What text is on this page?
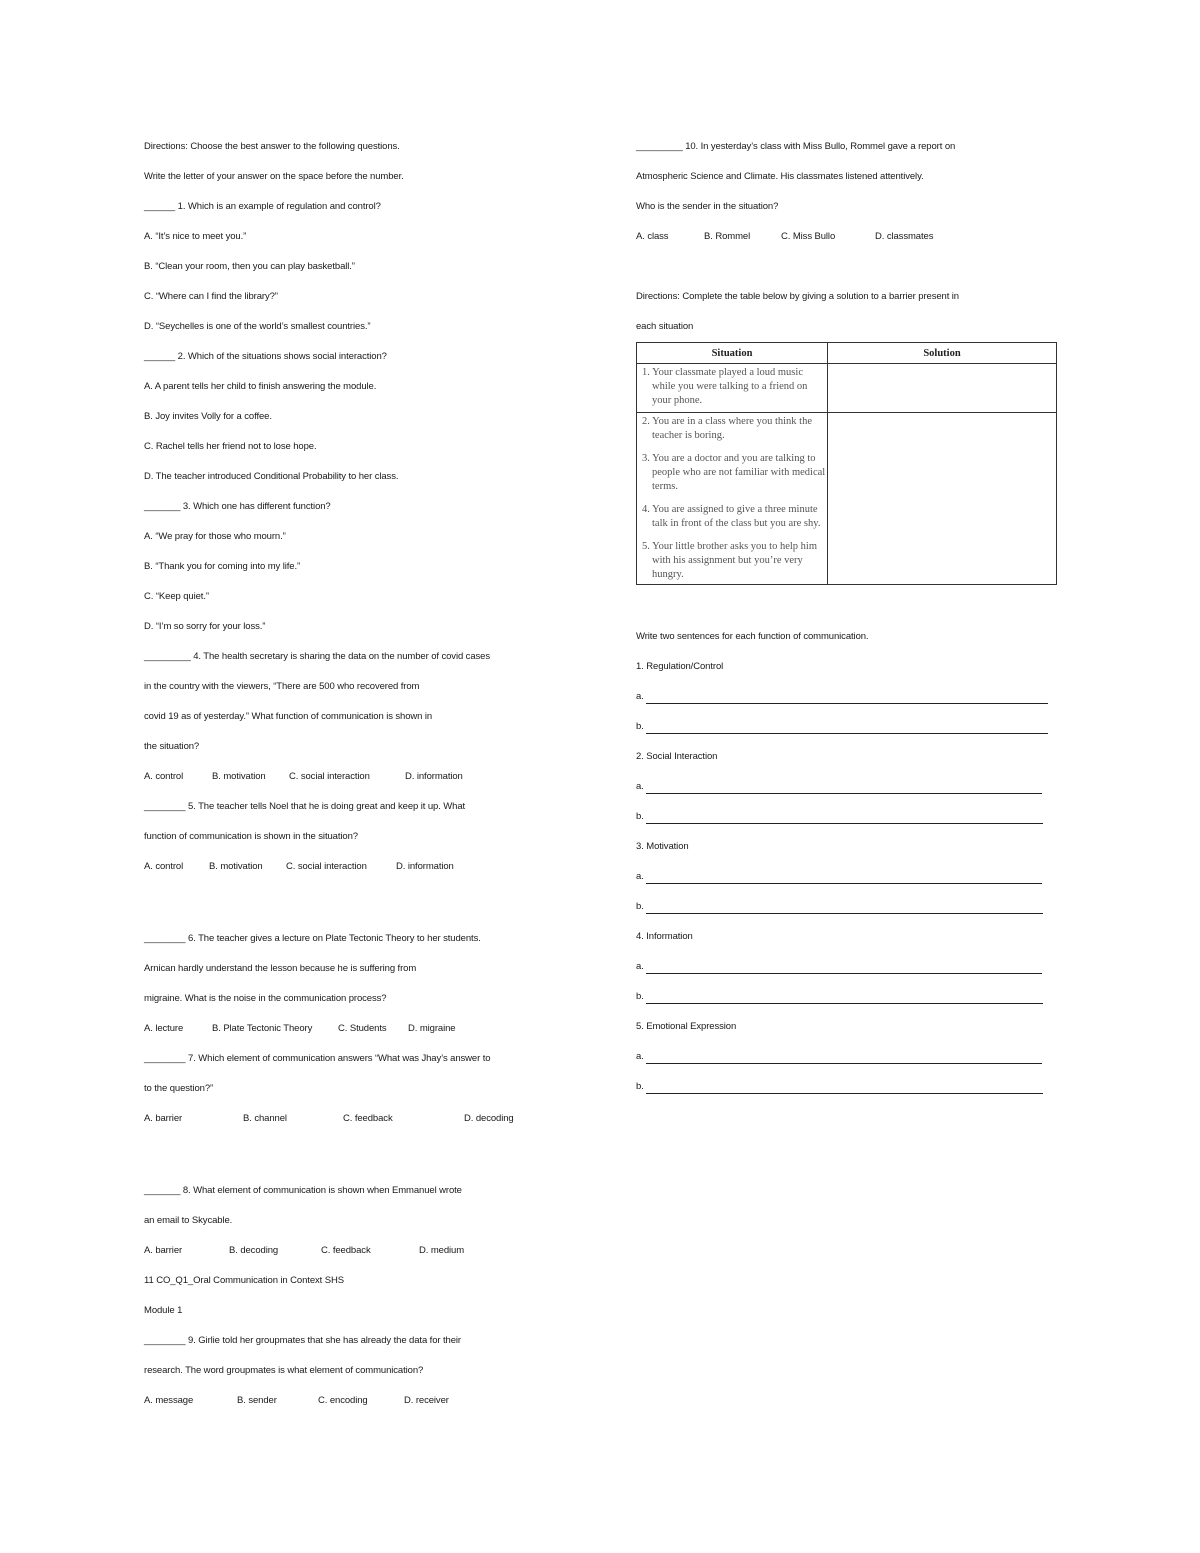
Directions: Choose the best answer to the following questions.

Write the letter of your answer on the space before the number.

______ 1. Which is an example of regulation and control?

A. “It’s nice to meet you.”

B. “Clean your room, then you can play basketball.”

C. “Where can I find the library?”

D. “Seychelles is one of the world’s smallest countries.”

______ 2. Which of the situations shows social interaction?

A. A parent tells her child to finish answering the module.

B. Joy invites Volly for a coffee.

C. Rachel tells her friend not to lose hope.

D. The teacher introduced Conditional Probability to her class.

_______ 3. Which one has different function?

A. “We pray for those who mourn.”

B. “Thank you for coming into my life.”

C. “Keep quiet.”

D. “I’m so sorry for your loss.”

_________ 4. The health secretary is sharing the data on the number of covid cases

in the country with the viewers, “There are 500 who recovered from

covid 19 as of yesterday.” What function of communication is shown in

the situation?

A. control	B. motivation	C. social interaction	D. information

________ 5. The teacher tells Noel that he is doing great and keep it up. What

function of communication is shown in the situation?

A. control	B. motivation	C. social interaction	D. information

________ 6. The teacher gives a lecture on Plate Tectonic Theory to her students.

Arnican hardly understand the lesson because he is suffering from

migraine. What is the noise in the communication process?

A. lecture	B. Plate Tectonic Theory	C. Students	D. migraine

________ 7. Which element of communication answers “What was Jhay’s answer to

to the question?”

A. barrier	B. channel	C. feedback	D. decoding

_______ 8. What element of communication is shown when Emmanuel wrote

an email to Skycable.

A. barrier	B. decoding	C. feedback	D. medium

11 CO_Q1_Oral Communication in Context SHS

Module 1

________ 9. Girlie told her groupmates that she has already the data for their

research. The word groupmates is what element of communication?

A. message	B. sender	C. encoding	D. receiver

_________ 10. In yesterday’s class with Miss Bullo, Rommel gave a report on

Atmospheric Science and Climate. His classmates listened attentively.

Who is the sender in the situation?

A. class	B. Rommel	C. Miss Bullo	D. classmates

Directions: Complete the table below by giving a solution to a barrier present in

each situation

Situation	Solution

1. Your classmate played a loud music while you were talking to a friend on your phone.	

2. You are in a class where you think the teacher is boring.
3. You are a doctor and you are talking to people who are not familiar with medical terms.
4. You are assigned to give a three minute talk in front of the class but you are shy.
5. Your little brother asks you to help him with his assignment but you’re very hungry.	

Write two sentences for each function of communication.

1. Regulation/Control

a.
b.

2. Social Interaction

a.
b.

3. Motivation

a.
b.

4. Information

a.
b.

5. Emotional Expression

a.
b.
